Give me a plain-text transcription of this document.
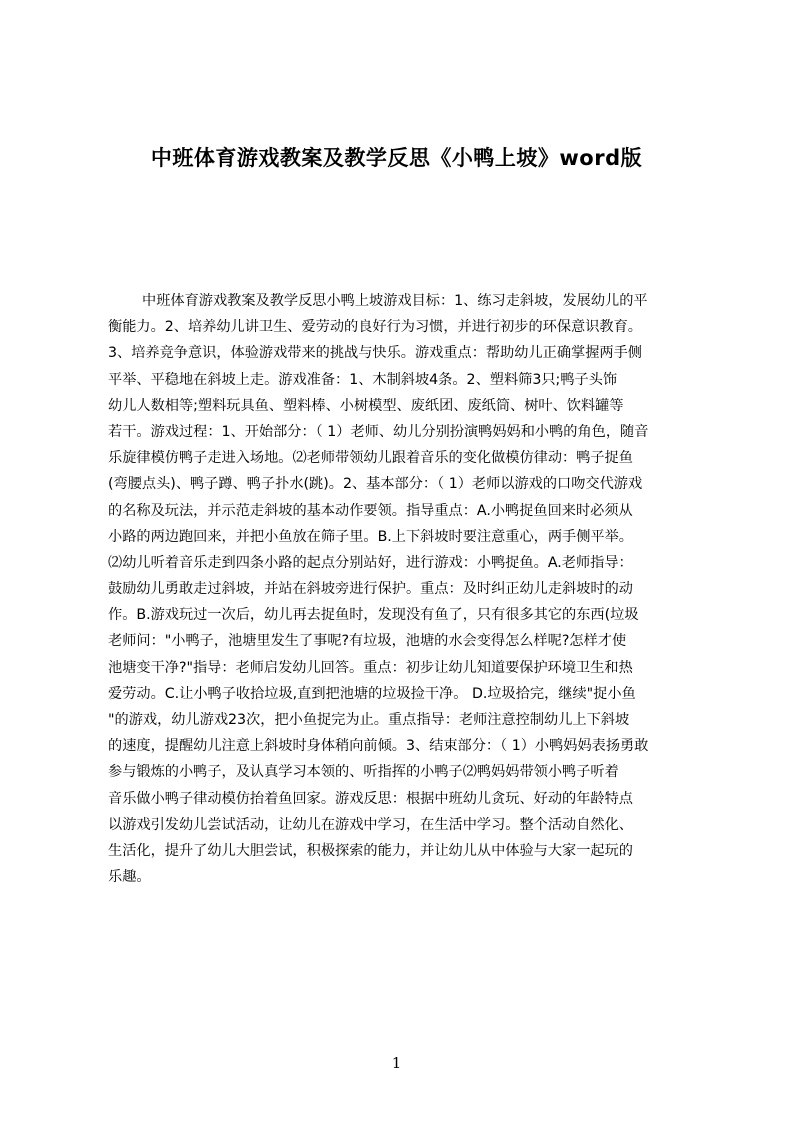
中班体育游戏教案及教学反思《小鸭上坡》word版
中班体育游戏教案及教学反思小鸭上坡游戏目标：1、练习走斜坡，发展幼儿的平
衡能力。2、培养幼儿讲卫生、爱劳动的良好行为习惯，并进行初步的环保意识教育。
3、培养竞争意识，体验游戏带来的挑战与快乐。游戏重点：帮助幼儿正确掌握两手侧
平举、平稳地在斜坡上走。游戏准备：1、木制斜坡4条。2、塑料筛3只;鸭子头饰
幼儿人数相等;塑料玩具鱼、塑料棒、小树模型、废纸团、废纸筒、树叶、饮料罐等
若干。游戏过程：1、开始部分：（ 1）老师、幼儿分别扮演鸭妈妈和小鸭的角色，随音
乐旋律模仿鸭子走进入场地。⑵老师带领幼儿跟着音乐的变化做模仿律动：鸭子捉鱼
(弯腰点头)、鸭子蹲、鸭子扑水(跳)。2、基本部分：（ 1）老师以游戏的口吻交代游戏
的名称及玩法，并示范走斜坡的基本动作要领。指导重点：A.小鸭捉鱼回来时必须从
小路的两边跑回来，并把小鱼放在筛子里。B.上下斜坡时要注意重心，两手侧平举。
⑵幼儿听着音乐走到四条小路的起点分别站好，进行游戏：小鸭捉鱼。A.老师指导：
鼓励幼儿勇敢走过斜坡，并站在斜坡旁进行保护。重点：及时纠正幼儿走斜坡时的动
作。B.游戏玩过一次后，幼儿再去捉鱼时，发现没有鱼了，只有很多其它的东西(垃圾
老师问："小鸭子，池塘里发生了事呢?有垃圾，池塘的水会变得怎么样呢?怎样才使
池塘变干净?"指导：老师启发幼儿回答。重点：初步让幼儿知道要保护环境卫生和热
爱劳动。C.让小鸭子收拾垃圾,直到把池塘的垃圾捡干净。 D.垃圾拾完，继续"捉小鱼
"的游戏，幼儿游戏23次，把小鱼捉完为止。重点指导：老师注意控制幼儿上下斜坡
的速度，提醒幼儿注意上斜坡时身体稍向前倾。3、结束部分：（ 1）小鸭妈妈表扬勇敢
参与锻炼的小鸭子，及认真学习本领的、听指挥的小鸭子⑵鸭妈妈带领小鸭子听着
音乐做小鸭子律动模仿抬着鱼回家。游戏反思：根据中班幼儿贪玩、好动的年龄特点
以游戏引发幼儿尝试活动，让幼儿在游戏中学习，在生活中学习。整个活动自然化、
生活化，提升了幼儿大胆尝试，积极探索的能力，并让幼儿从中体验与大家一起玩的
乐趣。
1
